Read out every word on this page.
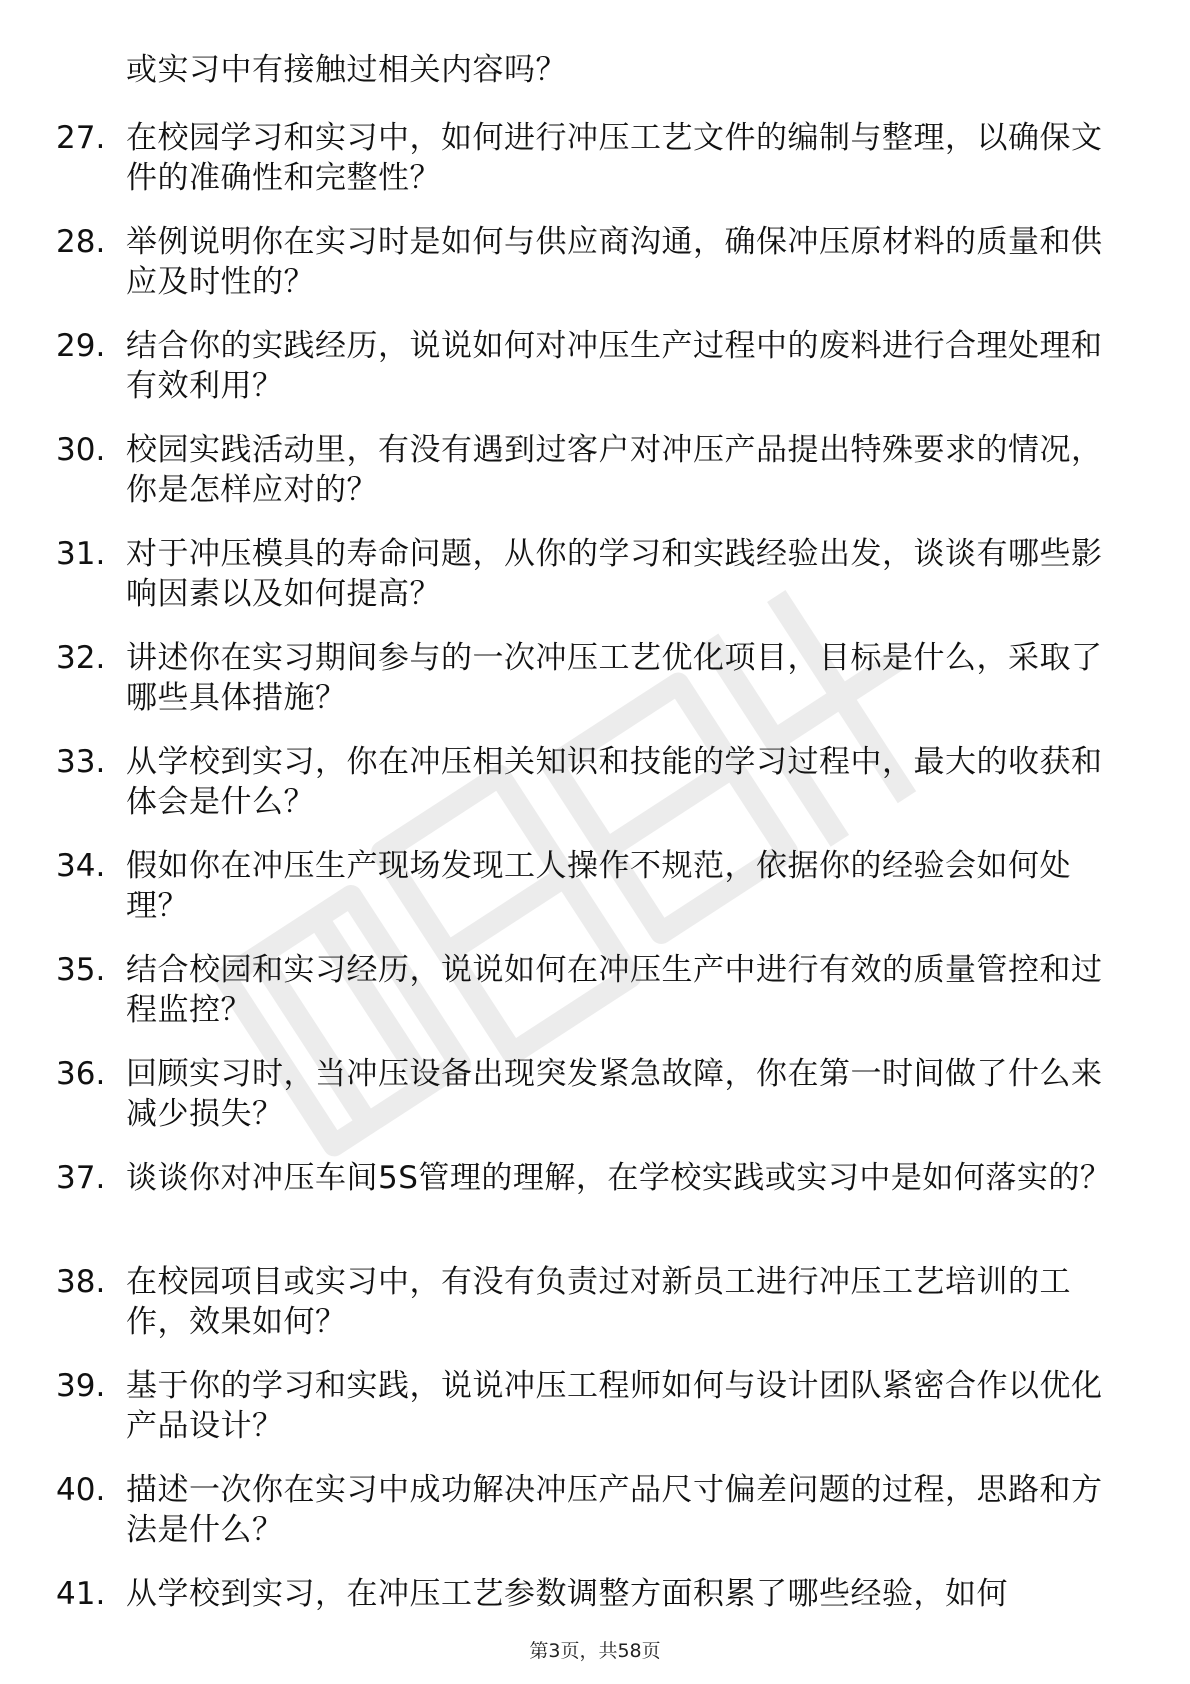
或实习中有接触过相关内容吗？
27. 在校园学习和实习中，如何进行冲压工艺文件的编制与整理，以确保文件的准确性和完整性？
28. 举例说明你在实习时是如何与供应商沟通，确保冲压原材料的质量和供应及时性的？
29. 结合你的实践经历，说说如何对冲压生产过程中的废料进行合理处理和有效利用？
30. 校园实践活动里，有没有遇到过客户对冲压产品提出特殊要求的情况，你是怎样应对的？
31. 对于冲压模具的寿命问题，从你的学习和实践经验出发，谈谈有哪些影响因素以及如何提高？
32. 讲述你在实习期间参与的一次冲压工艺优化项目，目标是什么，采取了哪些具体措施？
33. 从学校到实习，你在冲压相关知识和技能的学习过程中，最大的收获和体会是什么？
34. 假如你在冲压生产现场发现工人操作不规范，依据你的经验会如何处理？
35. 结合校园和实习经历，说说如何在冲压生产中进行有效的质量管控和过程监控？
36. 回顾实习时，当冲压设备出现突发紧急故障，你在第一时间做了什么来减少损失？
37. 谈谈你对冲压车间5S管理的理解，在学校实践或实习中是如何落实的？
38. 在校园项目或实习中，有没有负责过对新员工进行冲压工艺培训的工作，效果如何？
39. 基于你的学习和实践，说说冲压工程师如何与设计团队紧密合作以优化产品设计？
40. 描述一次你在实习中成功解决冲压产品尺寸偏差问题的过程，思路和方法是什么？
41. 从学校到实习，在冲压工艺参数调整方面积累了哪些经验，如何
第3页，共58页
